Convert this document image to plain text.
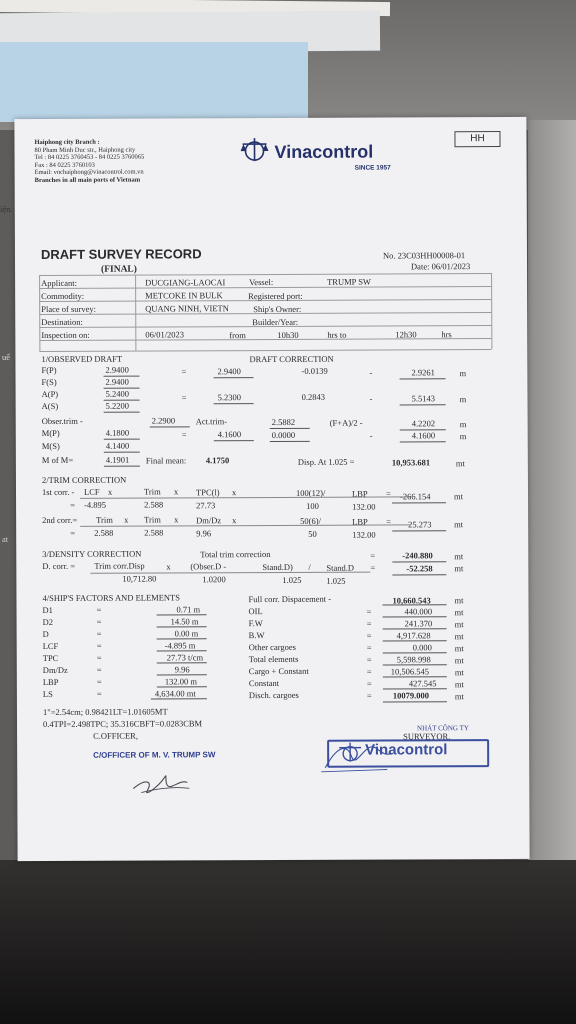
iện.
uế
at
Haiphong city Branch :
80 Pham Minh Duc str., Haiphong city
Tel : 84 0225 3760453 - 84 0225 3760065
Fax : 84 0225 3760103
Email: vnchaiphong@vinacontrol.com.vn
Branches in all main ports of Vietnam
Vinacontrol
SINCE 1957
HH
DRAFT SURVEY RECORD
(FINAL)
No. 23C03HH00008-01
Date: 06/01/2023
Applicant:	DUCGIANG-LAOCAI	Vessel:	TRUMP SW
Commodity:	METCOKE IN BULK	Registered port:
Place of survey:	QUANG NINH, VIETN	Ship's Owner:
Destination:	Builder/Year:
Inspection on:	06/01/2023	from	10h30	hrs to	12h30	hrs
1/OBSERVED DRAFT	DRAFT CORRECTION
F(P)	2.9400	=	2.9400	-0.0139	-	2.9261	m
F(S)	2.9400
A(P)	5.2400	=	5.2300	0.2843	-	5.5143	m
A(S)	5.2200
Obser.trim -	2.2900 Act.trim-	2.5882	(F+A)/2 -	4.2202	m
M(P)	4.1800	=	4.1600	0.0000	-	4.1600	m
M(S)	4.1400
M of M=	4.1901 Final mean: 4.1750	Disp. At 1.025 =	10,953.681	mt
2/TRIM CORRECTION
1st corr. - LCF x	Trim x TPC(l) x	100(12)/	LBP = -266.154	mt
= -4.895	2.588	27.73	100	132.00
2nd corr.= Trim x Trim x Dm/Dz x	50(6)/	LBP = 25.273	mt
= 2.588	2.588	9.96	50	132.00
3/DENSITY CORRECTION	Total trim correction	=	-240.880	mt
D. corr. = Trim corr.Disp	x (Obser.D -	Stand.D) / Stand.D =	-52.258	mt
10,712.80	1.0200	1.025	1.025
4/SHIP'S FACTORS AND ELEMENTS
D1	=	0.71 m
D2	=	14.50 m
D	=	0.00 m
LCF	=	-4.895 m
TPC	=	27.73 t/cm
Dm/Dz	=	9.96
LBP	=	132.00 m
LS	=	4,634.00 mt
Full corr. Dispacement -	10,660.543	mt
OIL	=	440.000	mt
F.W	=	241.370	mt
B.W	=	4,917.628	mt
Other cargoes	=	0.000	mt
Total elements	=	5,598.998	mt
Cargo + Constant	= 10,506.545	mt
Constant	=	427.545 mt
Disch. cargoes	= 10079.000	mt
1"=2.54cm; 0.98421LT=1.01605MT
0.4TPI=2.498TPC; 35.316CBFT=0.0283CBM
C.OFFICER,
C/OFFICER OF M. V. TRUMP SW
SURVEYOR,
NHÁT CÔNG TY
Vinacontrol
